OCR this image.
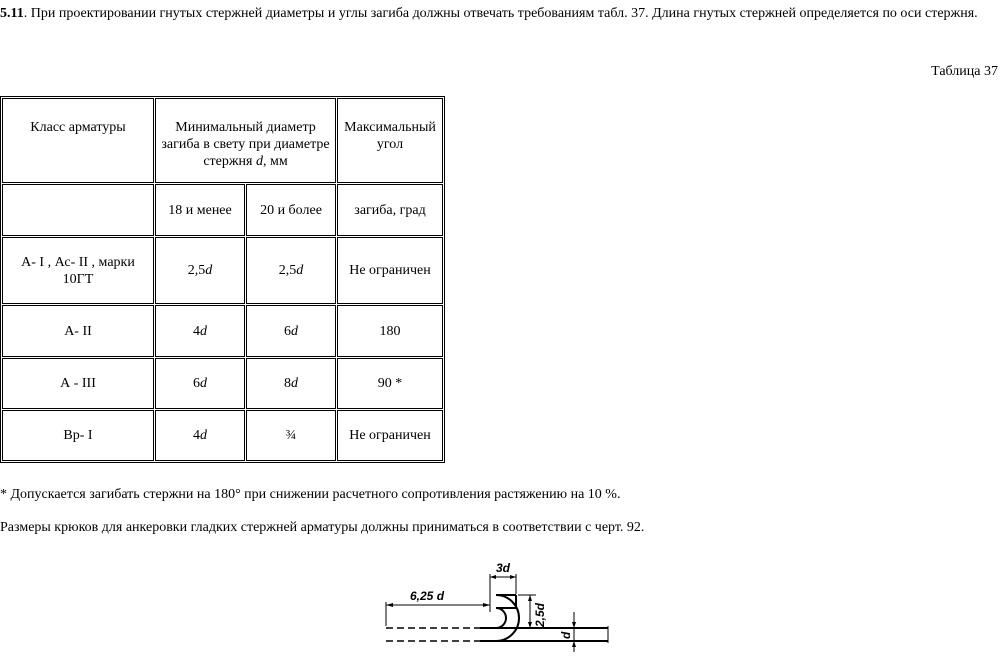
5.11. При проектировании гнутых стержней диаметры и углы загиба должны отвечать требованиям табл. 37. Длина гнутых стержней определяется по оси стержня.

Таблица 37

Класс арматуры	Минимальный диаметр загиба в свету при диаметре стержня d, мм		Максимальный угол
	18 и менее	20 и более	загиба, град
А- I , Ас- II , марки 10ГТ	2,5d	2,5d	Не ограничен
А- II	4d	6d	180
А - III	6d	8d	90 *
Вр- I	4d	¾	Не ограничен

* Допускается загибать стержни на 180° при снижении расчетного сопротивления растяжению на 10 %.

Размеры крюков для анкеровки гладких стержней арматуры должны приниматься в соответствии с черт. 92.

6,25 d
3d
2,5d
d
